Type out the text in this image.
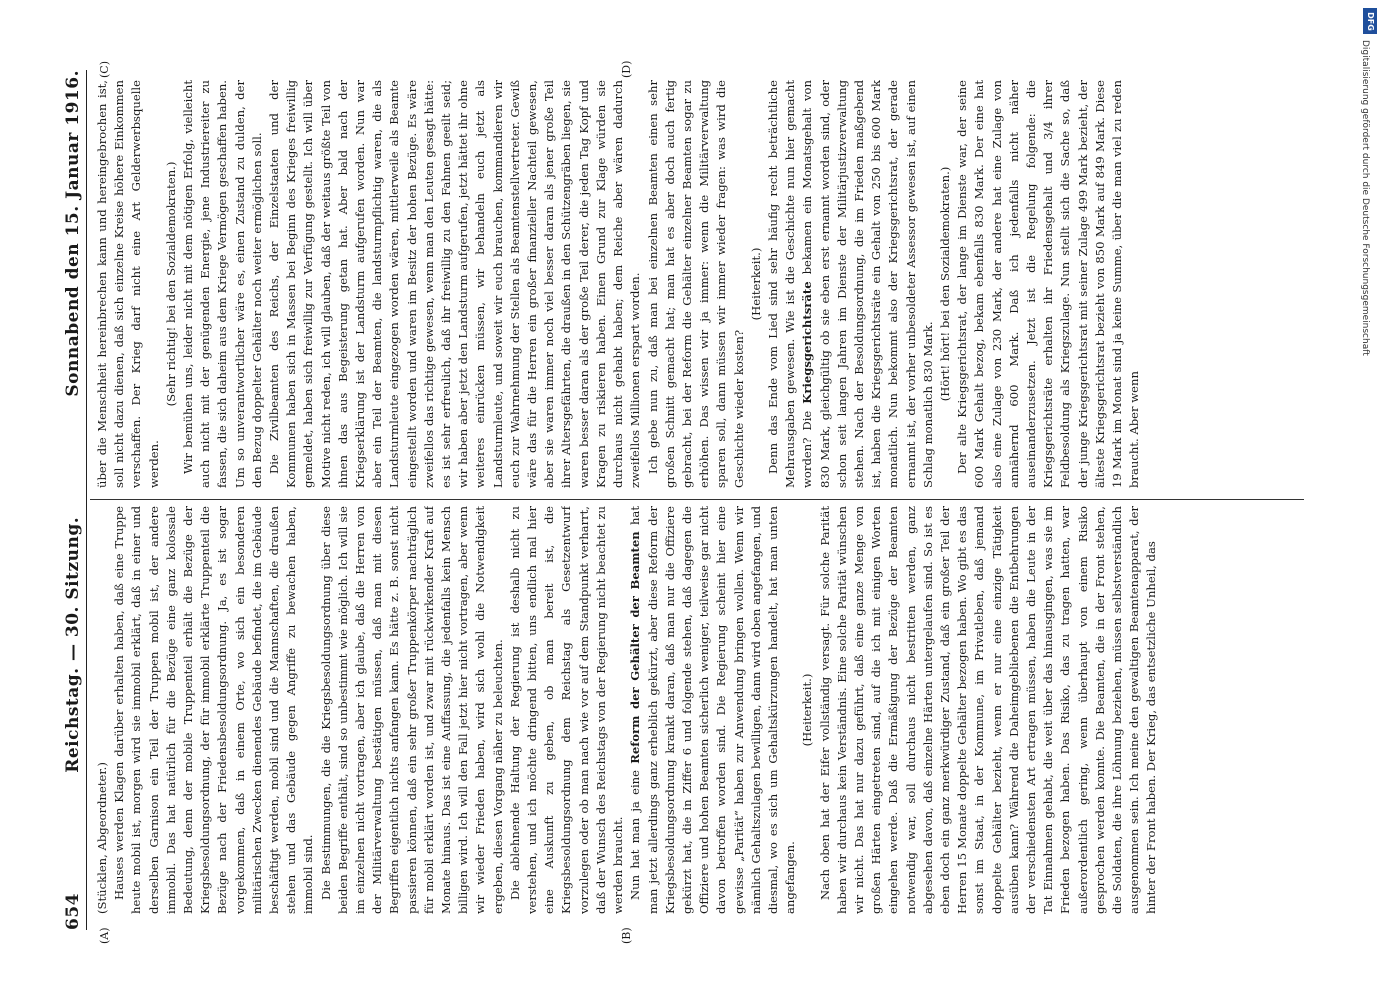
654
Reichstag. — 30. Sitzung.
Sonnabend den 15. Januar 1916.
(A)	(B)
(C)	(D)

(Stücklen, Abgeordneter.) Hauses werden Klagen darüber erhalten haben, daß eine Truppe heute mobil ist, morgen wird sie immobil erklärt, daß in einer und derselben Garnison ein Teil der Truppen mobil ist, der andere immobil. Das hat natürlich für die Bezüge eine ganz kolossale Bedeutung, denn der mobile Truppenteil erhält die Bezüge der Kriegsbesoldungsordnung, der für immobil erklärte Truppenteil die Bezüge nach der Friedensbesoldungsordnung. Ja, es ist sogar vorgekommen, daß in einem Orte, wo sich ein besonderen militärischen Zwecken dienendes Gebäude befindet, die im Gebäude beschäftigt werden, mobil sind und die Mannschaften, die draußen stehen und das Gebäude gegen Angriffe zu bewachen haben, immobil sind. Die Bestimmungen, die die Kriegsbesoldungsordnung über diese beiden Begriffe enthält, sind so unbestimmt wie möglich. Ich will sie im einzelnen nicht vortragen, aber ich glaube, daß die Herren von der Militärverwaltung bestätigen müssen, daß man mit diesen Begriffen eigentlich nichts anfangen kann. Es hätte z. B. sonst nicht passieren können, daß ein sehr großer Truppenkörper nachträglich für mobil erklärt worden ist, und zwar mit rückwirkender Kraft auf Monate hinaus. Das ist eine Auffassung, die jedenfalls kein Mensch billigen wird. Ich will den Fall jetzt hier nicht vortragen, aber wenn wir wieder Frieden haben, wird sich wohl die Notwendigkeit ergeben, diesen Vorgang näher zu beleuchten. Die ablehnende Haltung der Regierung ist deshalb nicht zu verstehen, und ich möchte dringend bitten, uns endlich mal hier eine Auskunft zu geben, ob man bereit ist, die Kriegsbesoldungsordnung dem Reichstag als Gesetzentwurf vorzulegen oder ob man nach wie vor auf dem Standpunkt verharrt, daß der Wunsch des Reichstags von der Regierung nicht beachtet zu werden braucht. Nun hat man ja eine Reform der Gehälter der Beamten hat man jetzt allerdings ganz erheblich gekürzt, aber diese Reform der Kriegsbesoldungsordnung krankt daran, daß man nur die Offiziere gekürzt hat, die in Ziffer 6 und folgende stehen, daß dagegen die Offiziere und hohen Beamten sicherlich weniger, teilweise gar nicht davon betroffen worden sind. Die Regierung scheint hier eine gewisse „Parität“ haben zur Anwendung bringen wollen. Wenn wir nämlich Gehaltszulagen bewilligen, dann wird oben angefangen, und diesmal, wo es sich um Gehaltskürzungen handelt, hat man unten angefangen.

(Heiterkeit.) Nach oben hat der Eifer vollständig versagt. Für solche Parität haben wir durchaus kein Verständnis. Eine solche Parität wünschen wir nicht. Das hat nur dazu geführt, daß eine ganze Menge von großen Härten eingetreten sind, auf die ich mit einigen Worten eingehen werde. Daß die Ermäßigung der Bezüge der Beamten notwendig war, soll durchaus nicht bestritten werden, ganz abgesehen davon, daß einzelne Härten untergelaufen sind. So ist es eben doch ein ganz merkwürdiger Zustand, daß ein großer Teil der Herren 15 Monate doppelte Gehälter bezogen haben. Wo gibt es das sonst im Staat, in der Kommune, im Privatleben, daß jemand doppelte Gehälter bezieht, wenn er nur eine einzige Tätigkeit ausüben kann? Während die Daheimgebliebenen die Entbehrungen der verschiedensten Art ertragen müssen, haben die Leute in der Tat Einnahmen gehabt, die weit über das hinausgingen, was sie im Frieden bezogen haben. Das Risiko, das zu tragen hatten, war außerordentlich gering, wenn überhaupt von einem Risiko gesprochen werden konnte. Die Beamten, die in der Front stehen, die Soldaten, die ihre Löhnung beziehen, müssen selbstverständlich ausgenommen sein. Ich meine den gewaltigen Beamtenapparat, der hinter der Front haben. Der Krieg, das entsetzliche Unheil, das

über die Menschheit hereinbrechen kann und hereingebrochen ist, soll nicht dazu dienen, daß sich einzelne Kreise höhere Einkommen verschaffen. Der Krieg darf nicht eine Art Gelderwerbsquelle werden.

(Sehr richtig! bei den Sozialdemokraten.) Wir bemühen uns, leider nicht mit dem nötigen Erfolg, vielleicht auch nicht mit der genügenden Energie, jene Industriereiter zu fassen, die sich daheim aus dem Kriege Vermögen geschaffen haben. Um so unverantwortlicher wäre es, einen Zustand zu dulden, der den Bezug doppelter Gehälter noch weiter ermöglichen soll. Die Zivilbeamten des Reichs, der Einzelstaaten und der Kommunen haben sich in Massen bei Beginn des Krieges freiwillig gemeldet, haben sich freiwillig zur Verfügung gestellt. Ich will über Motive nicht reden, ich will glauben, daß der weitaus größte Teil von ihnen das aus Begeisterung getan hat. Aber bald nach der Kriegserklärung ist der Landsturm aufgerufen worden. Nun war aber ein Teil der Beamten, die landsturmpflichtig waren, die als Landsturmleute eingezogen worden wären, mittlerweile als Beamte eingestellt worden und waren im Besitz der hohen Bezüge. Es wäre zweifellos das richtige gewesen, wenn man den Leuten gesagt hätte: es ist sehr erfreulich, daß ihr freiwillig zu den Fahnen geeilt seid; wir haben aber jetzt den Landsturm aufgerufen, jetzt hättet ihr ohne weiteres einrücken müssen, wir behandeln euch jetzt als Landsturmleute, und soweit wir euch brauchen, kommandieren wir euch zur Wahrnehmung der Stellen als Beamtenstellvertreter. Gewiß wäre das für die Herren ein großer finanzieller Nachteil gewesen, aber sie waren immer noch viel besser daran als jener große Teil ihrer Altersgefährten, die draußen in den Schützengräben liegen, sie waren besser daran als der große Teil derer, die jeden Tag Kopf und Kragen zu riskieren haben. Einen Grund zur Klage würden sie durchaus nicht gehabt haben; dem Reiche aber wären dadurch zweifellos Millionen erspart worden. Ich gebe nun zu, daß man bei einzelnen Beamten einen sehr großen Schnitt gemacht hat; man hat es aber doch auch fertig gebracht, bei der Reform die Gehälter einzelner Beamten sogar zu erhöhen. Das wissen wir ja immer: wenn die Militärverwaltung sparen soll, dann müssen wir immer wieder fragen: was wird die Geschichte wieder kosten?

(Heiterkeit.) Denn das Ende vom Lied sind sehr häufig recht beträchtliche Mehrausgaben gewesen. Wie ist die Geschichte nun hier gemacht worden? Die Kriegsgerichtsräte bekamen ein Monatsgehalt von 830 Mark, gleichgültig ob sie eben erst ernannt worden sind, oder schon seit langen Jahren im Dienste der Militärjustizverwaltung stehen. Nach der Besoldungsordnung, die im Frieden maßgebend ist, haben die Kriegsgerichtsräte ein Gehalt von 250 bis 600 Mark monatlich. Nun bekommt also der Kriegsgerichtsrat, der gerade ernannt ist, der vorher unbesoldeter Assessor gewesen ist, auf einen Schlag monatlich 830 Mark.

(Hört! hört! bei den Sozialdemokraten.) Der alte Kriegsgerichtsrat, der lange im Dienste war, der seine 600 Mark Gehalt bezog, bekam ebenfalls 830 Mark. Der eine hat also eine Zulage von 230 Mark, der andere hat eine Zulage von annähernd 600 Mark. Daß ich jedenfalls nicht näher auseinanderzusetzen. Jetzt ist die Regelung folgende: die Kriegsgerichtsräte erhalten ihr Friedensgehalt und 3/4 ihrer Feldbesoldung als Kriegszulage. Nun stellt sich die Sache so, daß der junge Kriegsgerichtsrat mit seiner Zulage 499 Mark bezieht, der älteste Kriegsgerichtsrat bezieht von 850 Mark auf 849 Mark. Diese 19 Mark im Monat sind ja keine Summe, über die man viel zu reden braucht. Aber wenn

DFG
Digitalisierung gefördert durch die Deutsche Forschungsgemeinschaft
